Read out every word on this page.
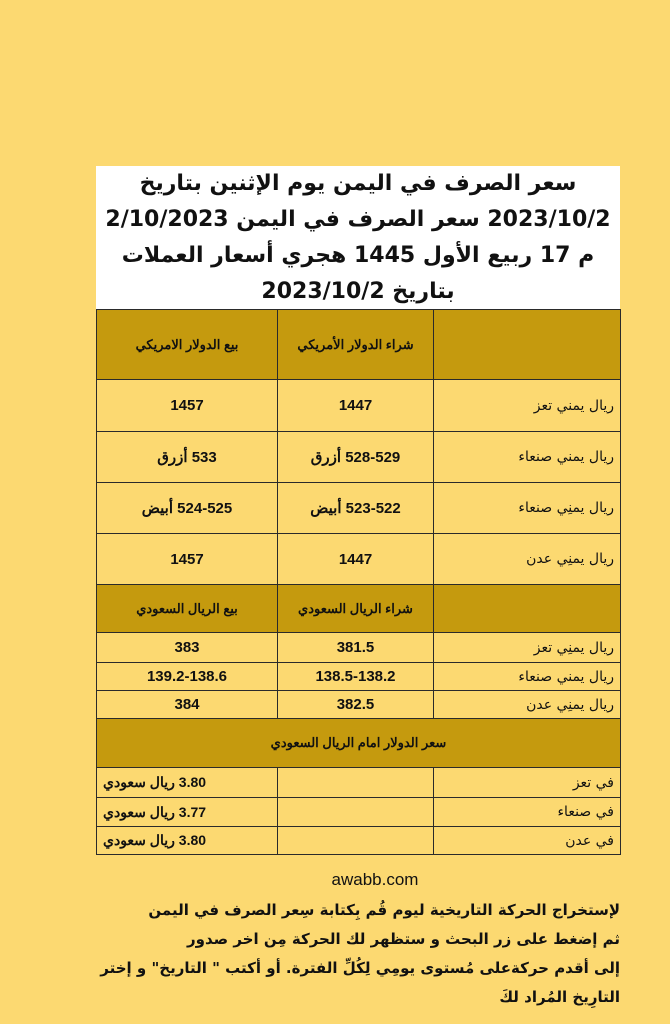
سعر الصرف في اليمن يوم الإثنين بتاريخ
2023/10/2 سعر الصرف في اليمن 2/10/2023
م 17 ربيع الأول 1445 هجري أسعار العملات
بتاريخ 2023/10/2
	شراء الدولار الأمريكي	بيع الدولار الامريكي
ريال يمني تعز	1447	1457
ريال يمني صنعاء	528-529 أزرق	533 أزرق
ريال يمنِي صنعاء	523-522 أبيض	524-525 أبيض
ريال يمنِي عدن	1447	1457
	شراء الريال السعودي	بيع الريال السعودي
ريال يمنِي تعز	381.5	383
ريال يمني صنعاء	138.5-138.2	139.2-138.6
ريال يمنِي عدن	382.5	384
سعر الدولار امام الريال السعودي		
في تعز		3.80 ريال سعودي
في صنعاء		3.77 ريال سعودي
في عدن		3.80 ريال سعودي
awabb.com
لإستخراج الحركة التاريخية ليوم قُم بِكتابة سِعر الصرف في اليمن
ثم إضغط على زر البحث و ستظهر لك الحركة مِن اخر صدور
إلى أقدم حركةعلى مُستوى يومِي لِكُلِّ الفترة. أو أكتب " التاريخ" و إختر
التارِيخ المُراد لكَ
